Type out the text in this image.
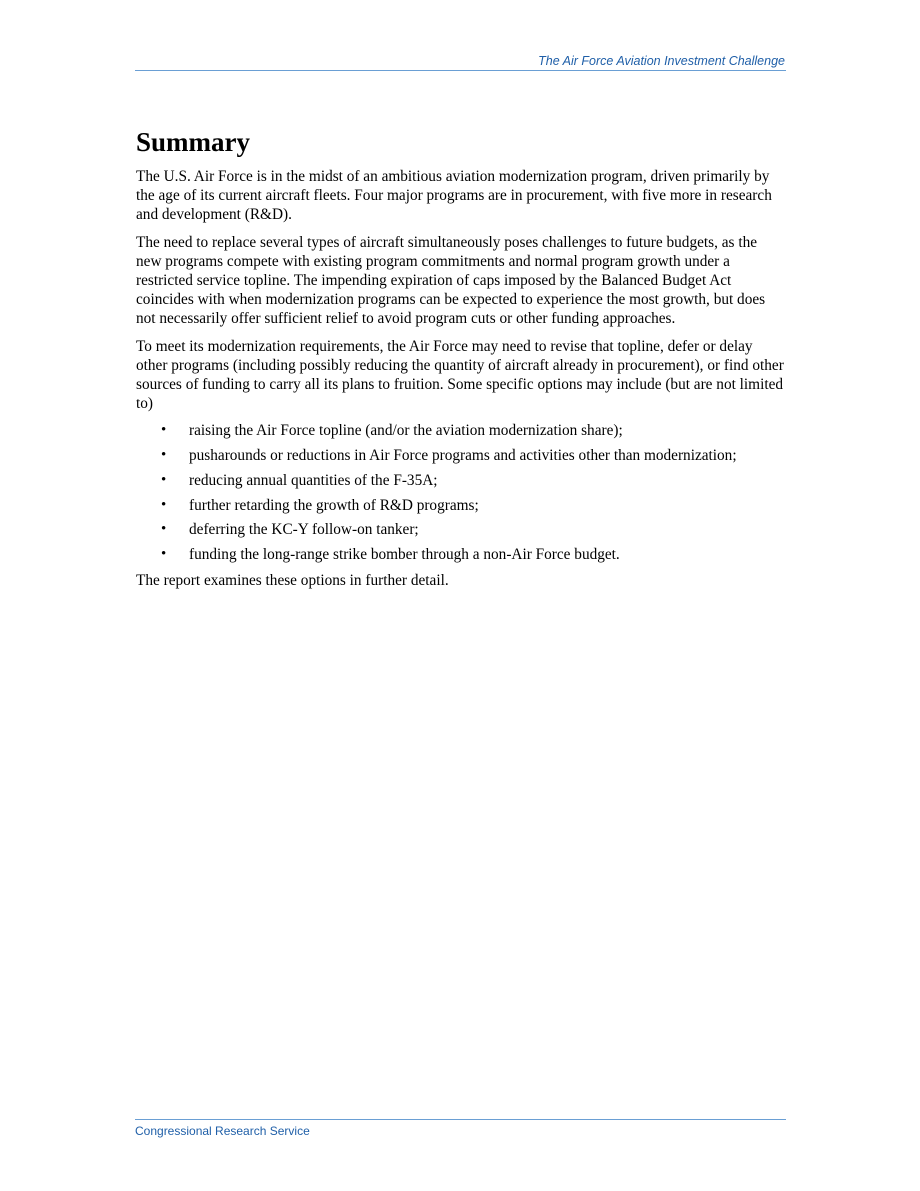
The Air Force Aviation Investment Challenge
Summary

The U.S. Air Force is in the midst of an ambitious aviation modernization program, driven primarily by the age of its current aircraft fleets. Four major programs are in procurement, with five more in research and development (R&D).

The need to replace several types of aircraft simultaneously poses challenges to future budgets, as the new programs compete with existing program commitments and normal program growth under a restricted service topline. The impending expiration of caps imposed by the Balanced Budget Act coincides with when modernization programs can be expected to experience the most growth, but does not necessarily offer sufficient relief to avoid program cuts or other funding approaches.

To meet its modernization requirements, the Air Force may need to revise that topline, defer or delay other programs (including possibly reducing the quantity of aircraft already in procurement), or find other sources of funding to carry all its plans to fruition. Some specific options may include (but are not limited to)

• raising the Air Force topline (and/or the aviation modernization share);
• pusharounds or reductions in Air Force programs and activities other than modernization;
• reducing annual quantities of the F-35A;
• further retarding the growth of R&D programs;
• deferring the KC-Y follow-on tanker;
• funding the long-range strike bomber through a non-Air Force budget.

The report examines these options in further detail.

Congressional Research Service
